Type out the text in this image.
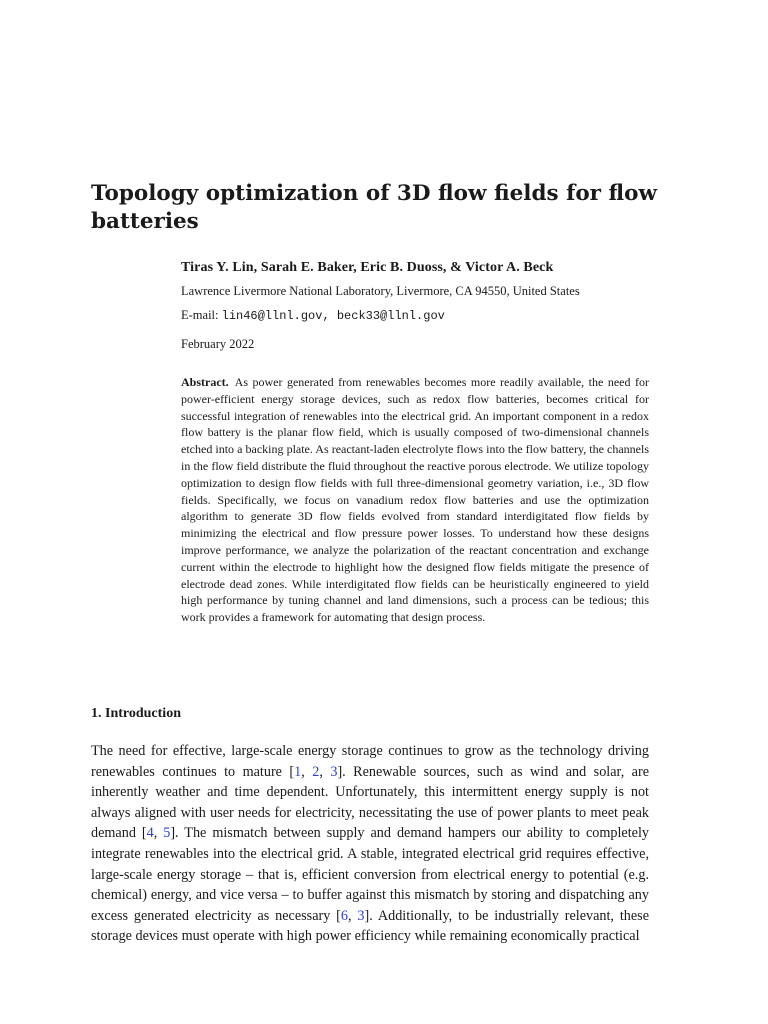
Topology optimization of 3D flow fields for flow batteries
Tiras Y. Lin, Sarah E. Baker, Eric B. Duoss, & Victor A. Beck
Lawrence Livermore National Laboratory, Livermore, CA 94550, United States
E-mail: lin46@llnl.gov, beck33@llnl.gov
February 2022

Abstract. As power generated from renewables becomes more readily available, the need for power-efficient energy storage devices, such as redox flow batteries, becomes critical for successful integration of renewables into the electrical grid. An important component in a redox flow battery is the planar flow field, which is usually composed of two-dimensional channels etched into a backing plate. As reactant-laden electrolyte flows into the flow battery, the channels in the flow field distribute the fluid throughout the reactive porous electrode. We utilize topology optimization to design flow fields with full three-dimensional geometry variation, i.e., 3D flow fields. Specifically, we focus on vanadium redox flow batteries and use the optimization algorithm to generate 3D flow fields evolved from standard interdigitated flow fields by minimizing the electrical and flow pressure power losses. To understand how these designs improve performance, we analyze the polarization of the reactant concentration and exchange current within the electrode to highlight how the designed flow fields mitigate the presence of electrode dead zones. While interdigitated flow fields can be heuristically engineered to yield high performance by tuning channel and land dimensions, such a process can be tedious; this work provides a framework for automating that design process.

1. Introduction

The need for effective, large-scale energy storage continues to grow as the technology driving renewables continues to mature [1, 2, 3]. Renewable sources, such as wind and solar, are inherently weather and time dependent. Unfortunately, this intermittent energy supply is not always aligned with user needs for electricity, necessitating the use of power plants to meet peak demand [4, 5]. The mismatch between supply and demand hampers our ability to completely integrate renewables into the electrical grid. A stable, integrated electrical grid requires effective, large-scale energy storage – that is, efficient conversion from electrical energy to potential (e.g. chemical) energy, and vice versa – to buffer against this mismatch by storing and dispatching any excess generated electricity as necessary [6, 3]. Additionally, to be industrially relevant, these storage devices must operate with high power efficiency while remaining economically practical
